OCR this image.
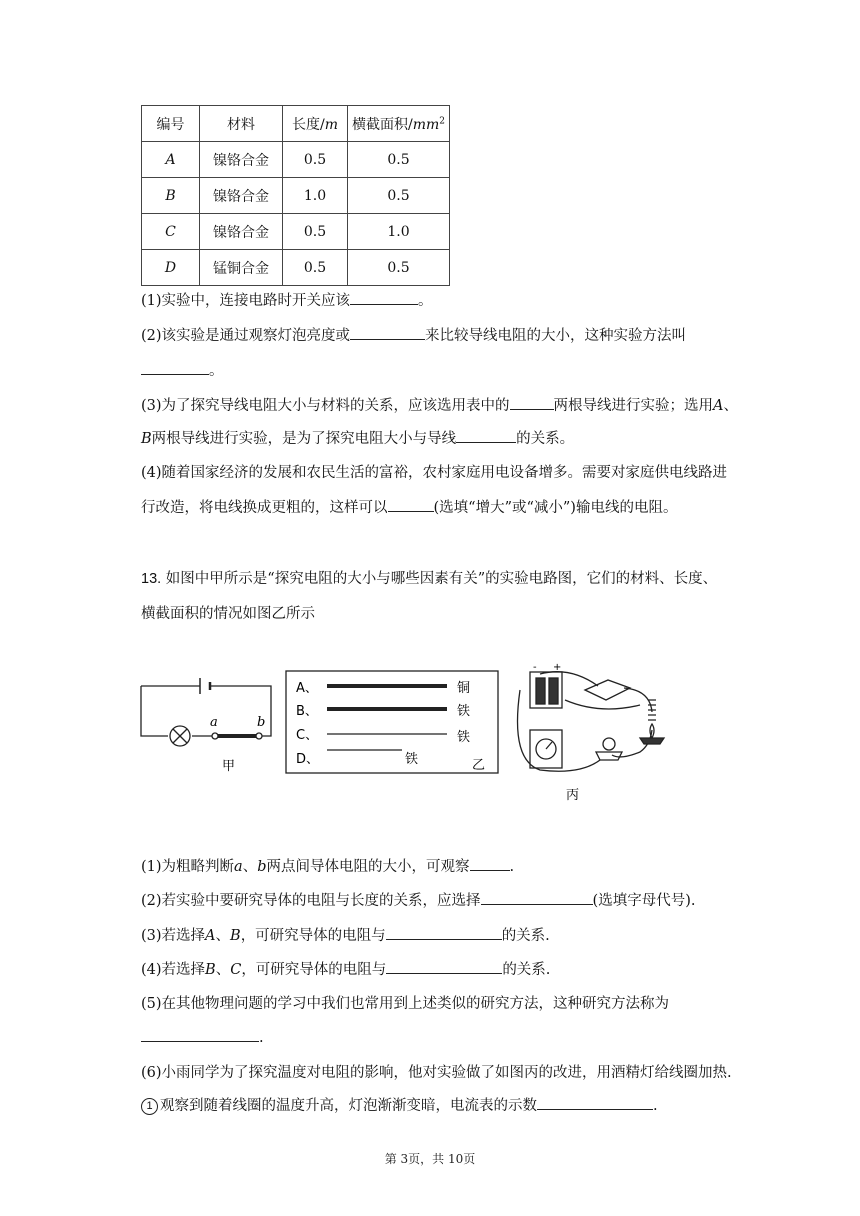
编号	材料	长度/m	横截面积$/mm^2$
A	镍铬合金	0.5	0.5
B	镍铬合金	1.0	0.5
C	镍铬合金	0.5	1.0
D	锰铜合金	0.5	0.5
(1)实验中，连接电路时开关应该	。
(2)该实验是通过观察灯泡亮度或	来比较导线电阻的大小，这种实验方法叫
。
(3)为了探究导线电阻大小与材料的关系，应该选用表中的	两根导线进行实验；选用A、
B两根导线进行实验，是为了探究电阻大小与导线	的关系。
(4)随着国家经济的发展和农民生活的富裕，农村家庭用电设备增多。需要对家庭供电线路进
行改造，将电线换成更粗的，这样可以	(选填“增大”或“减小”)输电线的电阻。
13. 如图中甲所示是“探究电阻的大小与哪些因素有关”的实验电路图，它们的材料、长度、
横截面积的情况如图乙所示
a	b
甲
A、
B、
C、
D、
铜
铁
铁
铁	乙
- +
丙
(1)为粗略判断a、b两点间导体电阻的大小，可观察	.
(2)若实验中要研究导体的电阻与长度的关系，应选择	(选填字母代号).
(3)若选择A、B，可研究导体的电阻与	的关系.
(4)若选择B、C，可研究导体的电阻与	的关系.
(5)在其他物理问题的学习中我们也常用到上述类似的研究方法，这种研究方法称为
.
(6)小雨同学为了探究温度对电阻的影响，他对实验做了如图丙的改进，用酒精灯给线圈加热.
1 观察到随着线圈的温度升高，灯泡渐渐变暗，电流表的示数	.
第 3页，共 10页
